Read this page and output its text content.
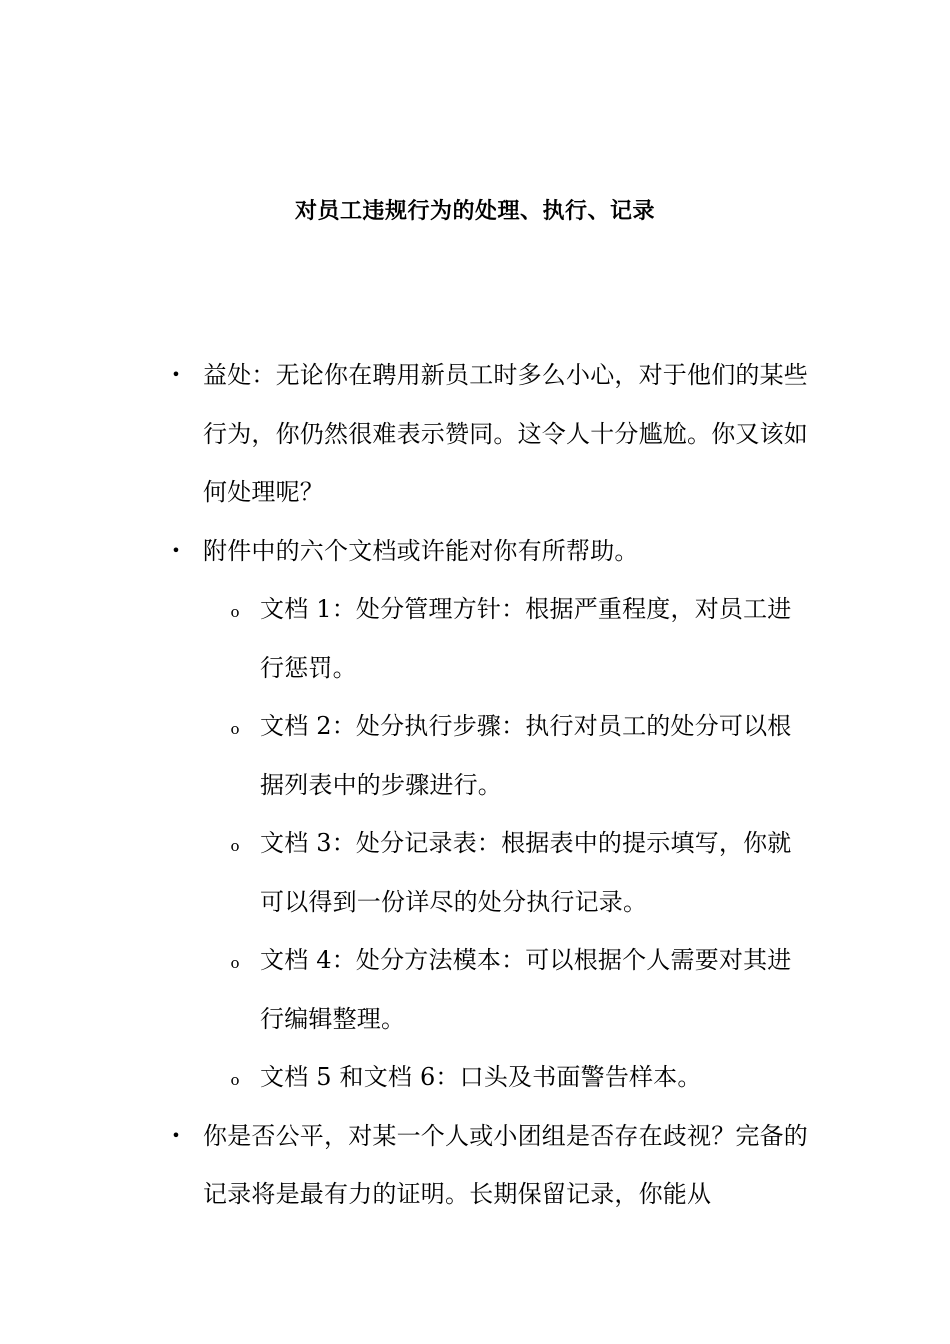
对员工违规行为的处理、执行、记录
• 益处：无论你在聘用新员工时多么小心，对于他们的某些行为，你仍然很难表示赞同。这令人十分尴尬。你又该如何处理呢？
• 附件中的六个文档或许能对你有所帮助。
o 文档 1：处分管理方针：根据严重程度，对员工进行惩罚。
o 文档 2：处分执行步骤：执行对员工的处分可以根据列表中的步骤进行。
o 文档 3：处分记录表：根据表中的提示填写，你就可以得到一份详尽的处分执行记录。
o 文档 4：处分方法模本：可以根据个人需要对其进行编辑整理。
o 文档 5 和文档 6：口头及书面警告样本。
• 你是否公平，对某一个人或小团组是否存在歧视？完备的记录将是最有力的证明。长期保留记录，你能从
